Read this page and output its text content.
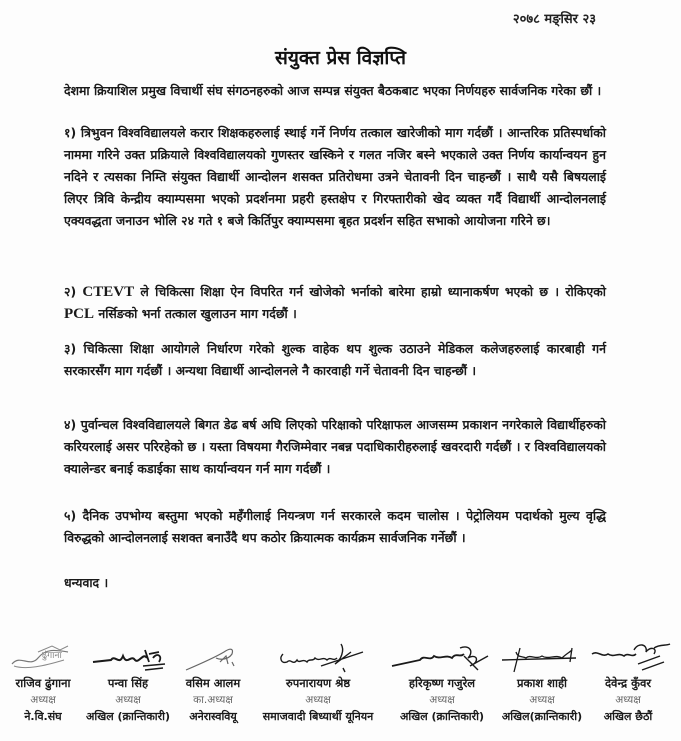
२०७८ मङ्सिर २३
संयुक्त प्रेस विज्ञप्ति
देशमा क्रियाशिल प्रमुख विचार्थी संघ संगठनहरुको आज सम्पन्न संयुक्त बैठकबाट भएका निर्णयहरु सार्वजनिक गरेका छौं ।
१) त्रिभुवन विश्वविद्यालयले करार शिक्षकहरुलाई स्थाई गर्ने निर्णय तत्काल खारेजीको माग गर्दछौं । आन्तरिक प्रतिस्पर्धाको नाममा गरिने उक्त प्रक्रियाले विश्वविद्यालयको गुणस्तर खस्किने र गलत नजिर बस्ने भएकाले उक्त निर्णय कार्यान्वयन हुन नदिने र त्यसका निम्ति संयुक्त विद्यार्थी आन्दोलन शसक्त प्रतिरोधमा उत्रने चेतावनी दिन चाहन्छौं । साथै यसै बिषयलाई लिएर त्रिवि केन्द्रीय क्याम्पसमा भएको प्रदर्शनमा प्रहरी हस्तक्षेप र गिरफ्तारीको खेद व्यक्त गर्दै विद्यार्थी आन्दोलनलाई एक्यवद्धता जनाउन भोलि २४ गते १ बजे किर्तिपुर क्याम्पसमा बृहत प्रदर्शन सहित सभाको आयोजना गरिने छ।
२) CTEVT ले चिकित्सा शिक्षा ऐन विपरित गर्न खोजेको भर्नाको बारेमा हाम्रो ध्यानाकर्षण भएको छ । रोकिएको PCL नर्सिङको भर्ना तत्काल खुलाउन माग गर्दछौं ।
३) चिकित्सा शिक्षा आयोगले निर्धारण गरेको शुल्क वाहेक थप शुल्क उठाउने मेडिकल कलेजहरुलाई कारबाही गर्न सरकारसँग माग गर्दछौं । अन्यथा विद्यार्थी आन्दोलनले नै कारवाही गर्ने चेतावनी दिन चाहन्छौं ।
४) पुर्वान्चल विश्वविद्यालयले बिगत डेढ बर्ष अघि लिएको परिक्षाको परिक्षाफल आजसम्म प्रकाशन नगरेकाले विद्यार्थीहरुको करियरलाई असर परिरहेको छ । यस्ता विषयमा गैरजिम्मेवार नबन्न पदाधिकारीहरुलाई खवरदारी गर्दछौं । र विश्वविद्यालयको क्यालेन्डर बनाई कडाईका साथ कार्यान्वयन गर्न माग गर्दछौं ।
५) दैनिक उपभोग्य बस्तुमा भएको महँगीलाई नियन्त्रण गर्न सरकारले कदम चालोस । पेट्रोलियम पदार्थको मुल्य वृद्धि विरुद्धको आन्दोलनलाई सशक्त बनाउँदै थप कठोर क्रियात्मक कार्यक्रम सार्वजनिक गर्नेछौं ।
धन्यवाद ।
ढुंगाना
राजिव ढुंगाना
अध्यक्ष
ने.वि.संघ
पन्वा सिंह
अध्यक्ष
अखिल (क्रान्तिकारी)
वसिम आलम
का.अध्यक्ष
अनेरास्ववियू
रुपनारायण श्रेष्ठ
अध्यक्ष
समाजवादी बिध्यार्थी यूनियन
हरिकृष्ण गजुरेल
अध्यक्ष
अखिल (क्रान्तिकारी)
प्रकाश शाही
अध्यक्ष
अखिल(क्रान्तिकारी)
देवेन्द्र कुँवर
अध्यक्ष
अखिल छैठौं
